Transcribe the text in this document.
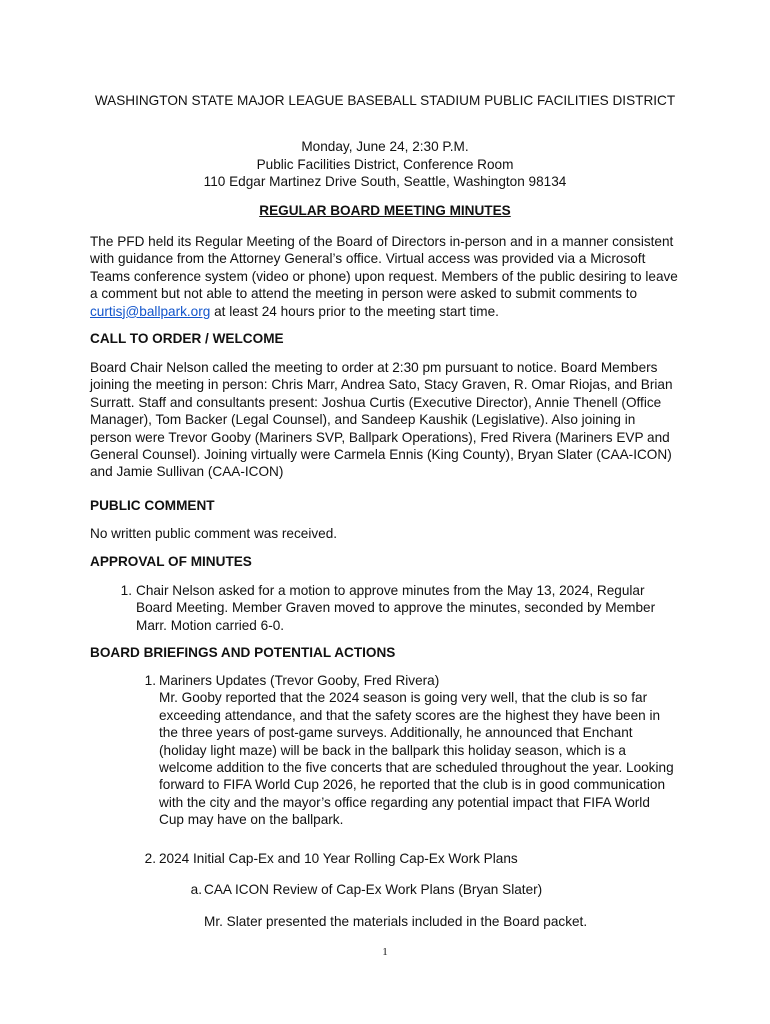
WASHINGTON STATE MAJOR LEAGUE BASEBALL STADIUM PUBLIC FACILITIES DISTRICT
Monday, June 24, 2:30 P.M.
Public Facilities District, Conference Room
110 Edgar Martinez Drive South, Seattle, Washington 98134
REGULAR BOARD MEETING MINUTES

The PFD held its Regular Meeting of the Board of Directors in-person and in a manner consistent with guidance from the Attorney General’s office. Virtual access was provided via a Microsoft Teams conference system (video or phone) upon request. Members of the public desiring to leave a comment but not able to attend the meeting in person were asked to submit comments to curtisj@ballpark.org at least 24 hours prior to the meeting start time.

CALL TO ORDER / WELCOME

Board Chair Nelson called the meeting to order at 2:30 pm pursuant to notice. Board Members joining the meeting in person: Chris Marr, Andrea Sato, Stacy Graven, R. Omar Riojas, and Brian Surratt. Staff and consultants present: Joshua Curtis (Executive Director), Annie Thenell (Office Manager), Tom Backer (Legal Counsel), and Sandeep Kaushik (Legislative). Also joining in person were Trevor Gooby (Mariners SVP, Ballpark Operations), Fred Rivera (Mariners EVP and General Counsel). Joining virtually were Carmela Ennis (King County), Bryan Slater (CAA-ICON) and Jamie Sullivan (CAA-ICON)

PUBLIC COMMENT

No written public comment was received.

APPROVAL OF MINUTES
1. Chair Nelson asked for a motion to approve minutes from the May 13, 2024, Regular Board Meeting. Member Graven moved to approve the minutes, seconded by Member Marr. Motion carried 6-0.
BOARD BRIEFINGS AND POTENTIAL ACTIONS
1. Mariners Updates (Trevor Gooby, Fred Rivera)
Mr. Gooby reported that the 2024 season is going very well, that the club is so far exceeding attendance, and that the safety scores are the highest they have been in the three years of post-game surveys. Additionally, he announced that Enchant (holiday light maze) will be back in the ballpark this holiday season, which is a welcome addition to the five concerts that are scheduled throughout the year. Looking forward to FIFA World Cup 2026, he reported that the club is in good communication with the city and the mayor’s office regarding any potential impact that FIFA World Cup may have on the ballpark.
2. 2024 Initial Cap-Ex and 10 Year Rolling Cap-Ex Work Plans
a. CAA ICON Review of Cap-Ex Work Plans (Bryan Slater)

Mr. Slater presented the materials included in the Board packet.

1
